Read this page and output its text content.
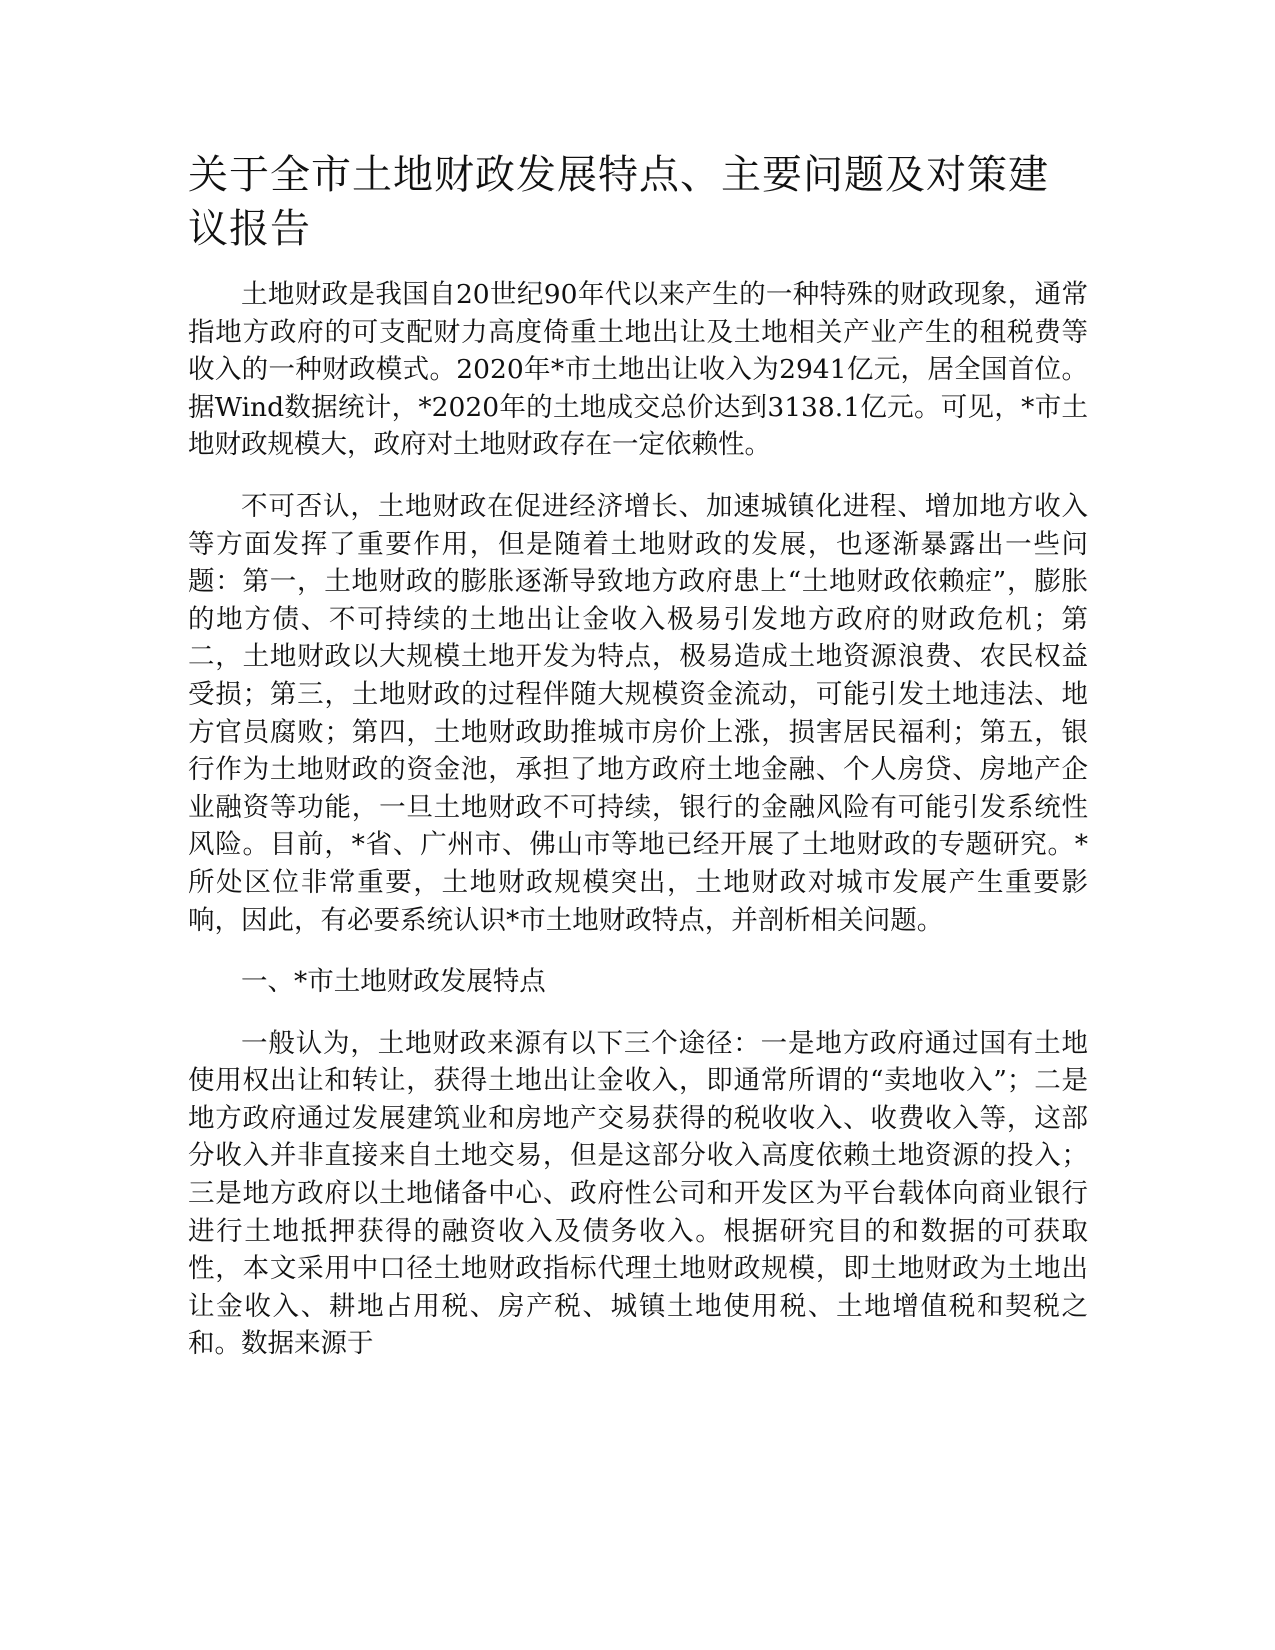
关于全市土地财政发展特点、主要问题及对策建议报告

土地财政是我国自20世纪90年代以来产生的一种特殊的财政现象，通常指地方政府的可支配财力高度倚重土地出让及土地相关产业产生的租税费等收入的一种财政模式。2020年*市土地出让收入为2941亿元，居全国首位。据Wind数据统计，*2020年的土地成交总价达到3138.1亿元。可见，*市土地财政规模大，政府对土地财政存在一定依赖性。

不可否认，土地财政在促进经济增长、加速城镇化进程、增加地方收入等方面发挥了重要作用，但是随着土地财政的发展，也逐渐暴露出一些问题：第一，土地财政的膨胀逐渐导致地方政府患上“土地财政依赖症”，膨胀的地方债、不可持续的土地出让金收入极易引发地方政府的财政危机；第二，土地财政以大规模土地开发为特点，极易造成土地资源浪费、农民权益受损；第三，土地财政的过程伴随大规模资金流动，可能引发土地违法、地方官员腐败；第四，土地财政助推城市房价上涨，损害居民福利；第五，银行作为土地财政的资金池，承担了地方政府土地金融、个人房贷、房地产企业融资等功能，一旦土地财政不可持续，银行的金融风险有可能引发系统性风险。目前，*省、广州市、佛山市等地已经开展了土地财政的专题研究。*所处区位非常重要，土地财政规模突出，土地财政对城市发展产生重要影响，因此，有必要系统认识*市土地财政特点，并剖析相关问题。

一、*市土地财政发展特点

一般认为，土地财政来源有以下三个途径：一是地方政府通过国有土地使用权出让和转让，获得土地出让金收入，即通常所谓的“卖地收入”；二是地方政府通过发展建筑业和房地产交易获得的税收收入、收费收入等，这部分收入并非直接来自土地交易，但是这部分收入高度依赖土地资源的投入；三是地方政府以土地储备中心、政府性公司和开发区为平台载体向商业银行进行土地抵押获得的融资收入及债务收入。根据研究目的和数据的可获取性，本文采用中口径土地财政指标代理土地财政规模，即土地财政为土地出让金收入、耕地占用税、房产税、城镇土地使用税、土地增值税和契税之和。数据来源于
